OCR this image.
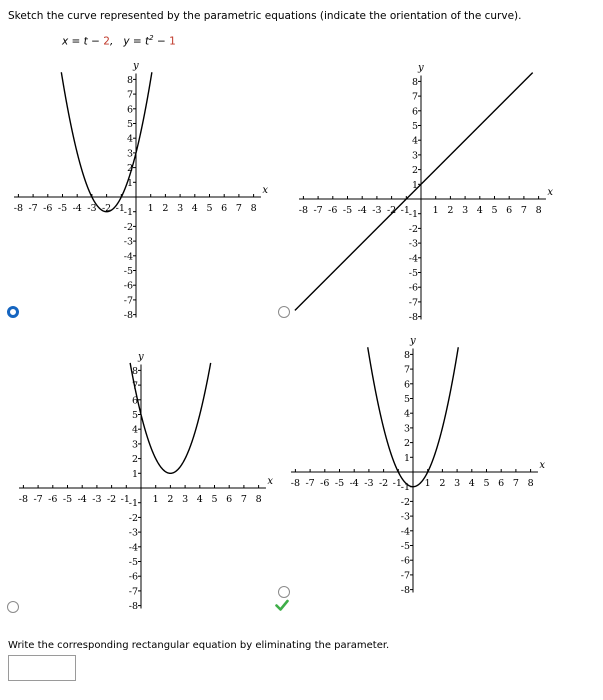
Sketch the curve represented by the parametric equations (indicate the orientation of the curve).
x = t − 2,   $y = t^2 - 1$
1
1
2
2
3
3
4
4
5
5
6
6
7
7
8
8
-8
-8
-7
-7
-6
-6
-5
-5
-4
-4
-3
-3
-2
-2
-1
-1
x
y
1
1
2
2
3
3
4
4
5
5
6
6
7
7
8
8
-8
-8
-7
-7
-6
-6
-5
-5
-4
-4
-3
-3
-2
-2
-1
-1
x
y
1
1
2
2
3
3
4
4
5
5
6
6
7
7
8
8
-8
-8
-7
-7
-6
-6
-5
-5
-4
-4
-3
-3
-2
-2
-1
-1
x
y
1
1
2
2
3
3
4
4
5
5
6
6
7
7
8
8
-8
-8
-7
-7
-6
-6
-5
-5
-4
-4
-3
-3
-2
-2
-1
-1
x
y
Write the corresponding rectangular equation by eliminating the parameter.
